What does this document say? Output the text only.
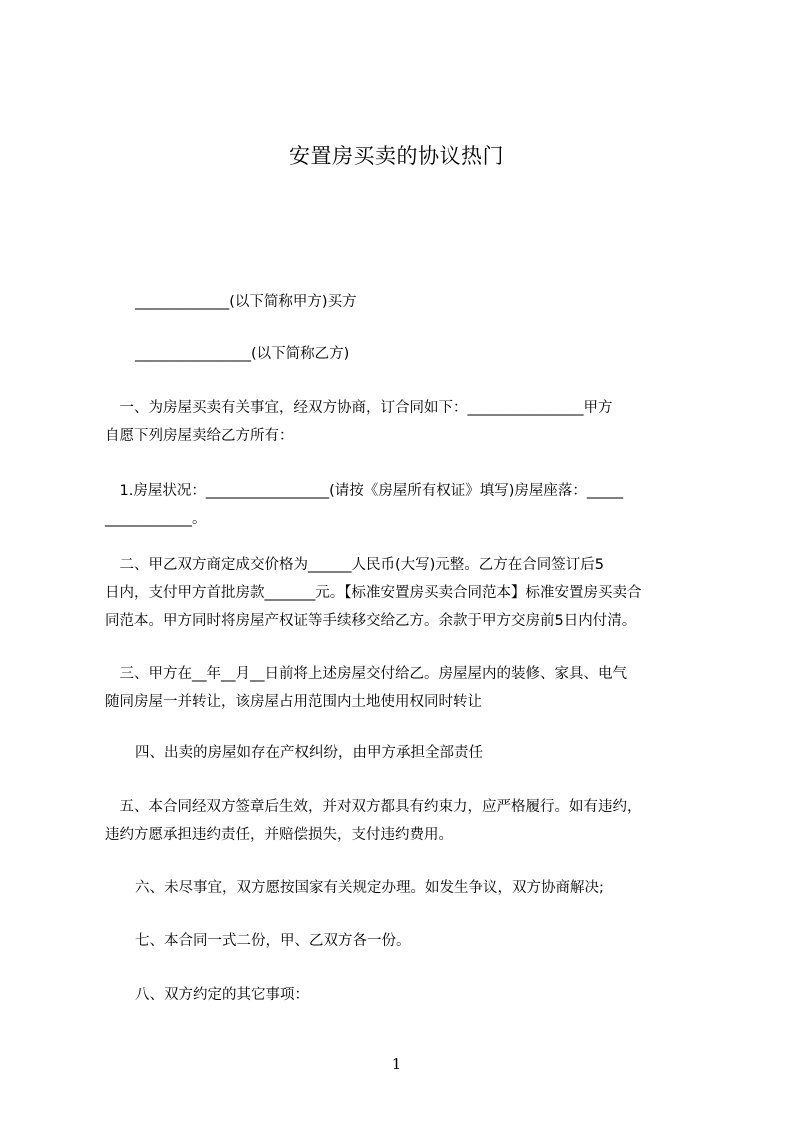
安置房买卖的协议热门
_____________(以下简称甲方)买方
________________(以下简称乙方)
　一、为房屋买卖有关事宜，经双方协商，订合同如下：________________甲方
自愿下列房屋卖给乙方所有：
　1.房屋状况：_________________(请按《房屋所有权证》填写)房屋座落：_____
____________。
　二、甲乙双方商定成交价格为______人民币(大写)元整。乙方在合同签订后5
日内，支付甲方首批房款_______元。【标准安置房买卖合同范本】标准安置房买卖合
同范本。甲方同时将房屋产权证等手续移交给乙方。余款于甲方交房前5日内付清。
　三、甲方在__年__月__日前将上述房屋交付给乙。房屋屋内的装修、家具、电气
随同房屋一并转让，该房屋占用范围内土地使用权同时转让
四、出卖的房屋如存在产权纠纷，由甲方承担全部责任
　五、本合同经双方签章后生效，并对双方都具有约束力，应严格履行。如有违约，
违约方愿承担违约责任，并赔偿损失，支付违约费用。
六、未尽事宜，双方愿按国家有关规定办理。如发生争议，双方协商解决;
七、本合同一式二份，甲、乙双方各一份。
八、双方约定的其它事项：
1
